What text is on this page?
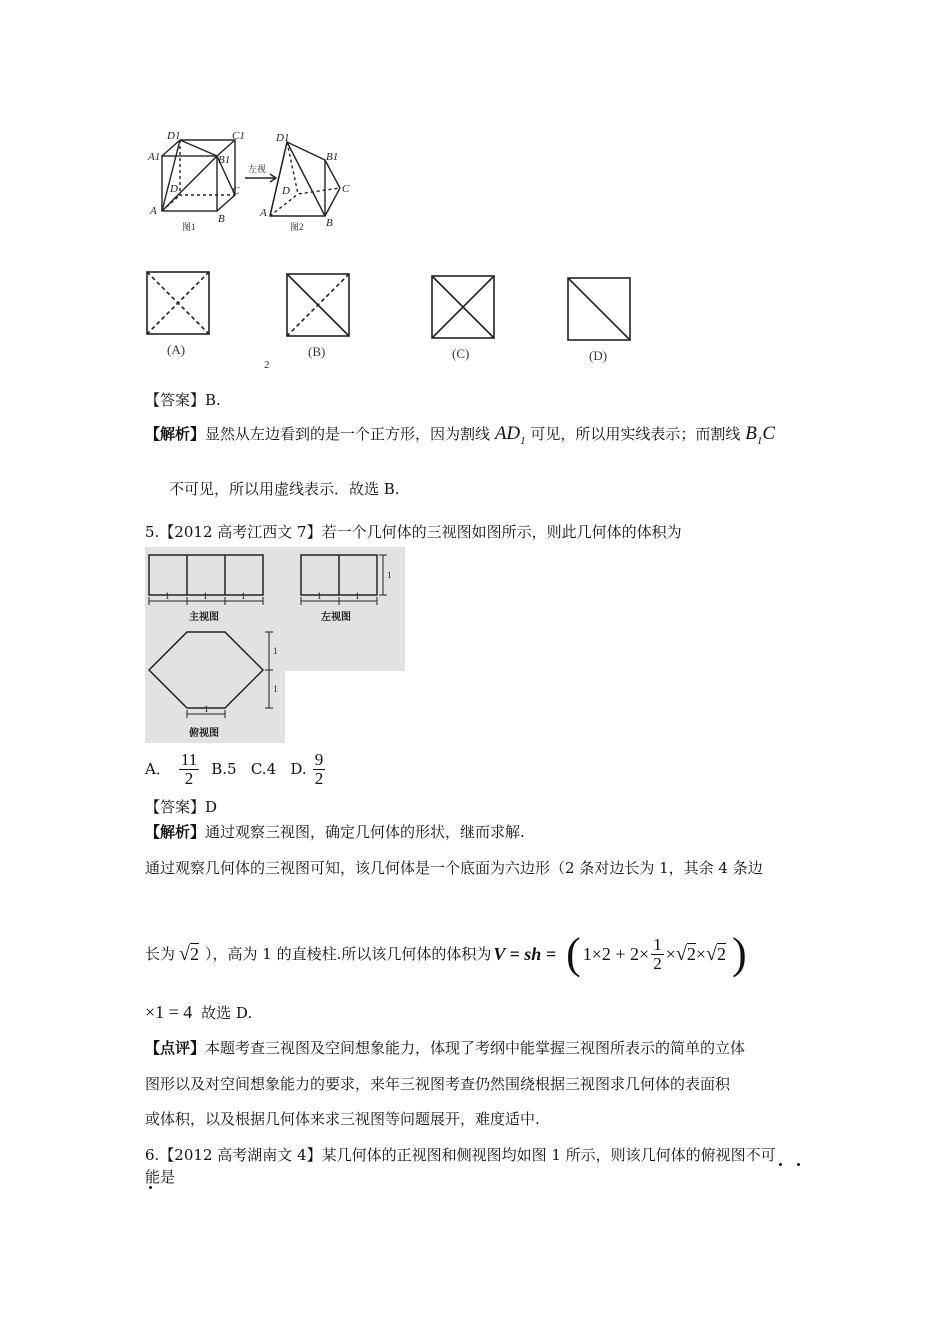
D1	C1
A1	B1
D	C
A
B
D1
B1
D	C
A
B
左视
图1	图2
(A)	(B)	(C)	(D)
2
【答案】B.
【解析】显然从左边看到的是一个正方形，因为割线 $AD_1$ 可见，所以用实线表示；而割线 $B_1C$
不可见，所以用虚线表示．故选 B.
5.【2012 高考江西文 7】若一个几何体的三视图如图所示，则此几何体的体积为
1	1	1	1	1
1
1
1
1
主视图	左视图
俯视图
A． $\frac{11}{2} B.5$   C.4   D. $\frac{9}{2}$
【答案】D
【解析】通过观察三视图，确定几何体的形状，继而求解.
通过观察几何体的三视图可知，该几何体是一个底面为六边形（2 条对边长为 1，其余 4 条边
长为 √2 ），高为 1 的直棱柱.所以该几何体的体积为 V = sh = ( $1\times 2 + 2\times \frac{1}{2} \times √2 \times √2$ )
×1 = 4 故选 D.
【点评】本题考查三视图及空间想象能力，体现了考纲中能掌握三视图所表示的简单的立体
图形以及对空间想象能力的要求，来年三视图考查仍然围绕根据三视图求几何体的表面积
或体积，以及根据几何体来求三视图等问题展开，难度适中.
6.【2012 高考湖南文 4】某几何体的正视图和侧视图均如图 1 所示，则该几何体的俯视图不可
能是
